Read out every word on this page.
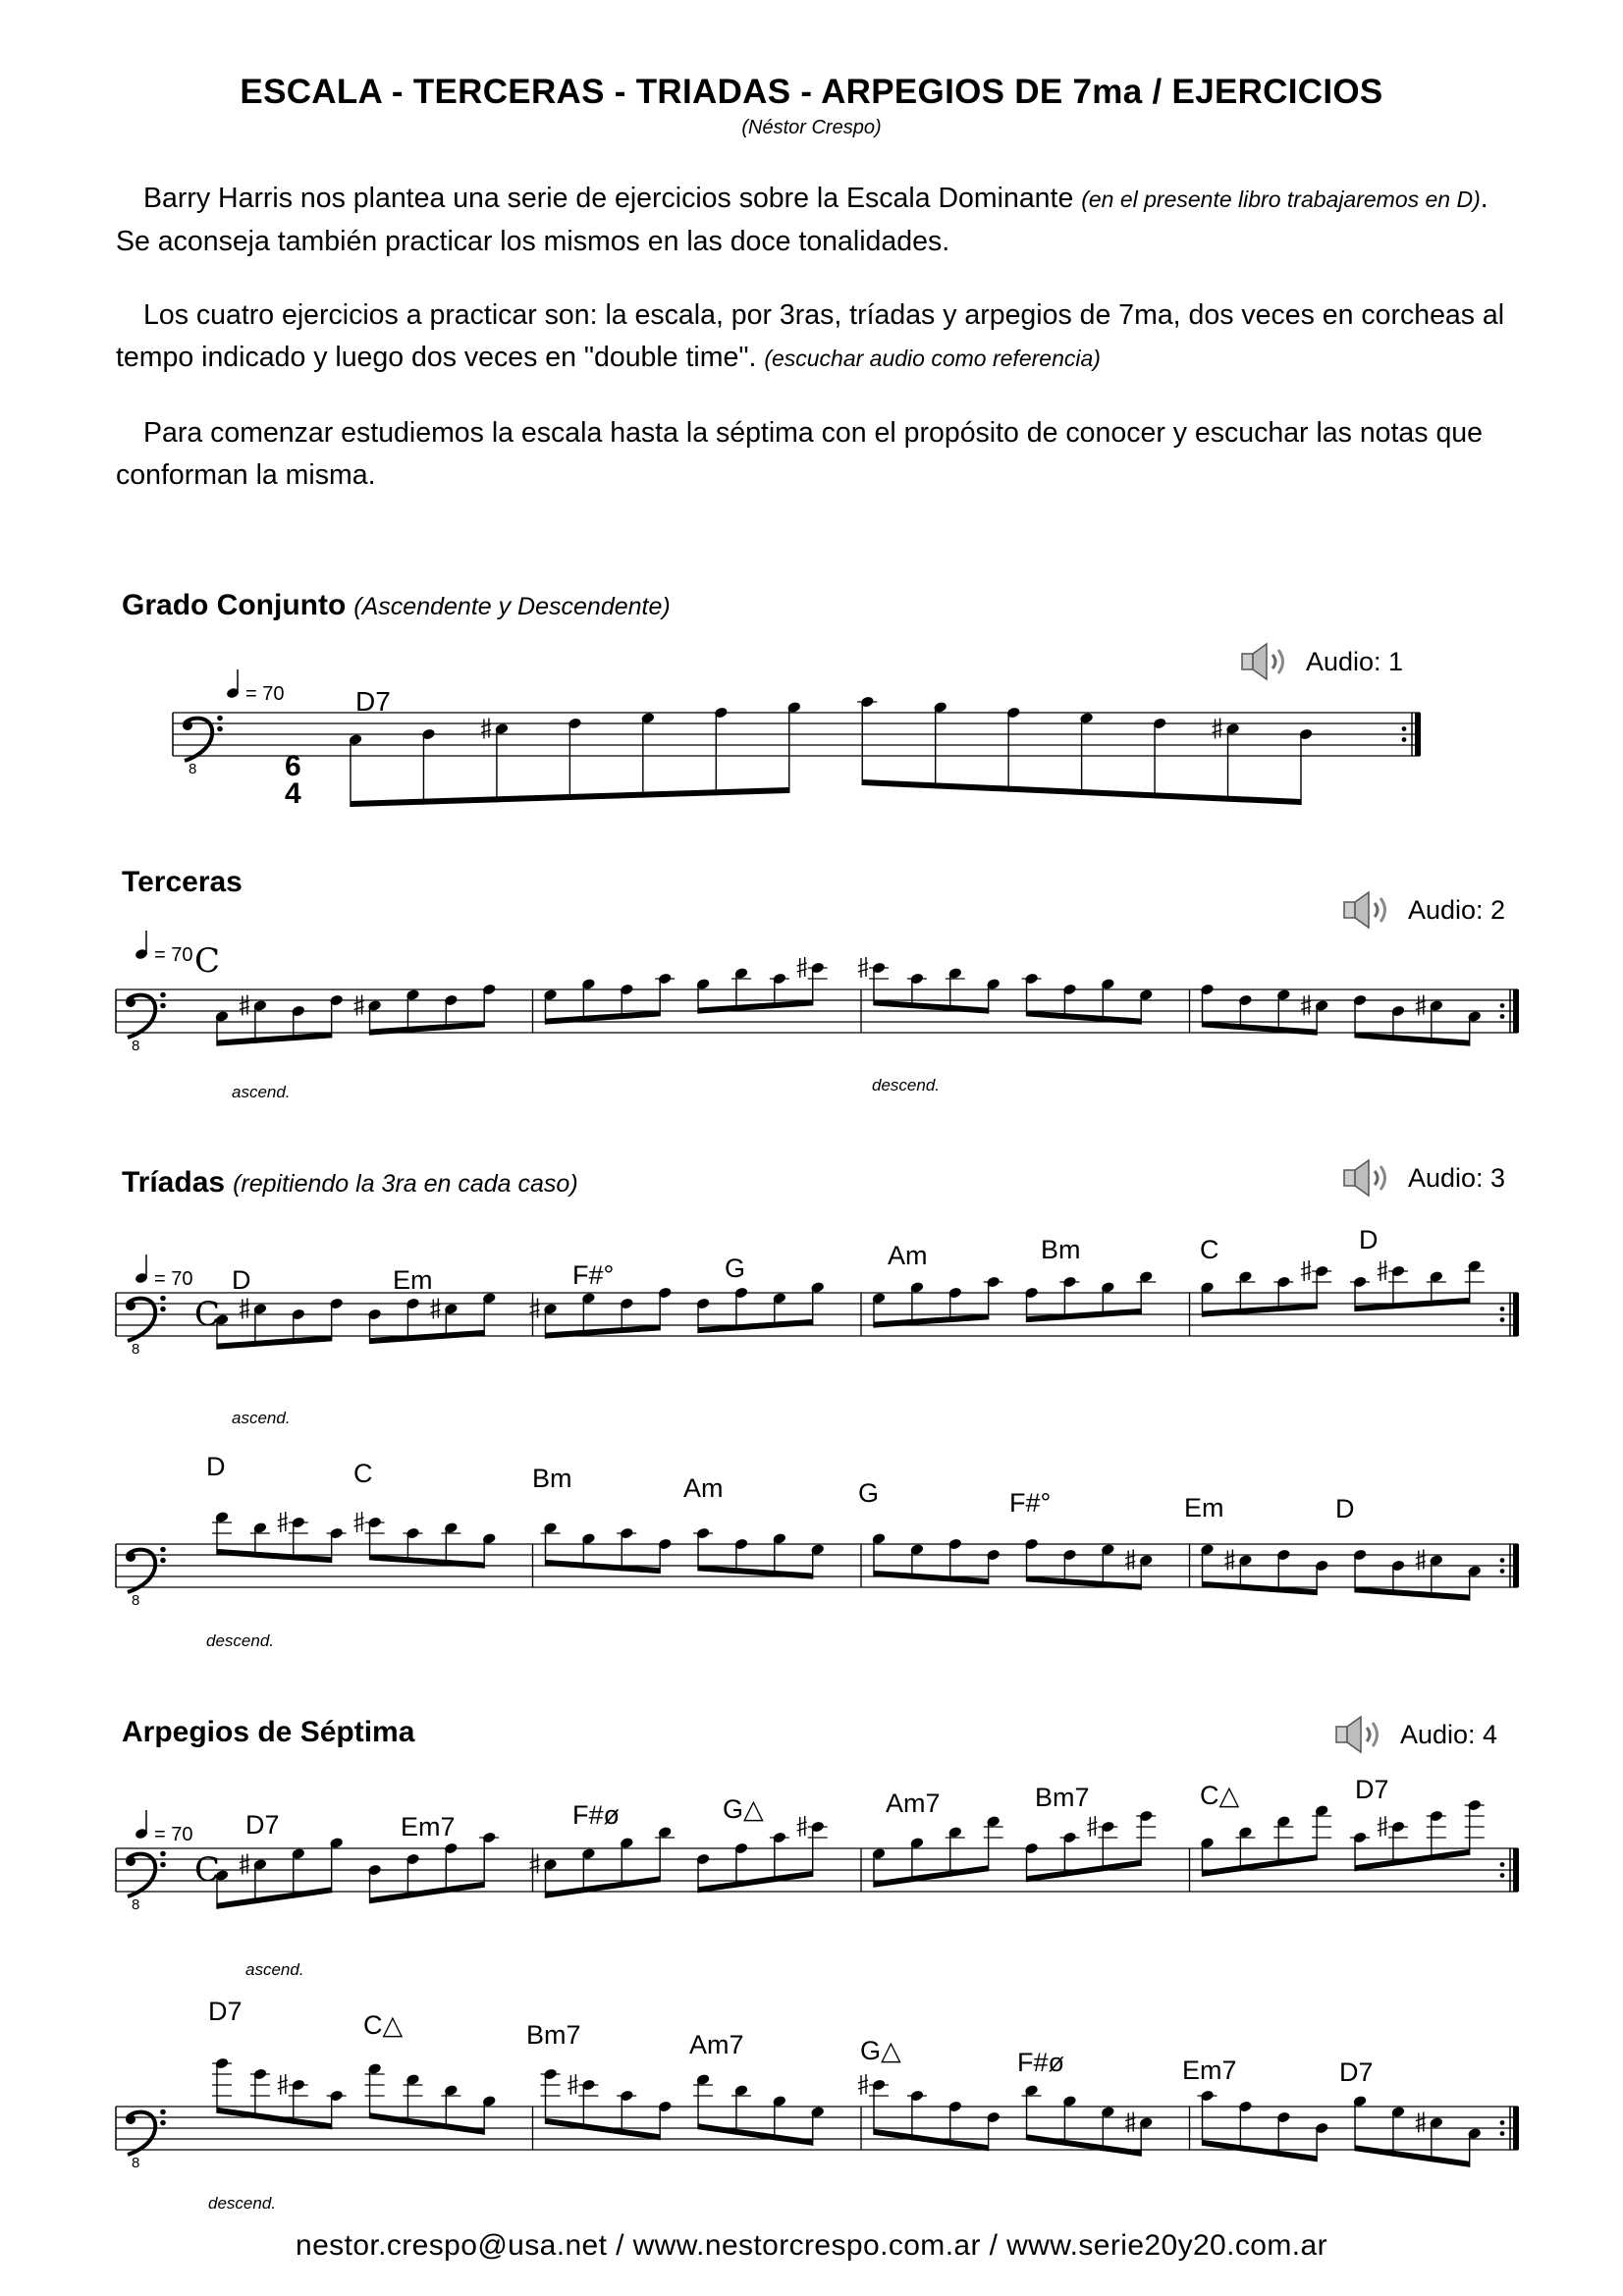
ESCALA - TERCERAS - TRIADAS - ARPEGIOS DE 7ma / EJERCICIOS
(Néstor Crespo)
Barry Harris nos plantea una serie de ejercicios sobre la Escala Dominante (en el presente libro trabajaremos en D). Se aconseja también practicar los mismos en las doce tonalidades.
Los cuatro ejercicios a practicar son: la escala, por 3ras, tríadas y arpegios de 7ma, dos veces en corcheas al tempo indicado y luego dos veces en "double time". (escuchar audio como referencia)
Para comenzar estudiemos la escala hasta la séptima con el propósito de conocer y escuchar las notas que conforman la misma.
Grado Conjunto (Ascendente y Descendente)
Terceras
Tríadas (repitiendo la 3ra en cada caso)
Arpegios de Séptima
Audio: 1
Audio: 2
Audio: 3
Audio: 4
8	6
4
= 70	D7
8
C
= 70
ascend.	descend.
8
C
= 70
ascend.
D	Em	F#°	G	Am	Bm	C	D
8
descend.
D	C	Bm	Am	G	F#°	Em	D
8
C
= 70
ascend.
D7	Em7	F#ø	G△	Am7	Bm7	C△	D7
8
descend.
D7	C△	Bm7	Am7	G△	F#ø	Em7	D7
nestor.crespo@usa.net / www.nestorcrespo.com.ar / www.serie20y20.com.ar
